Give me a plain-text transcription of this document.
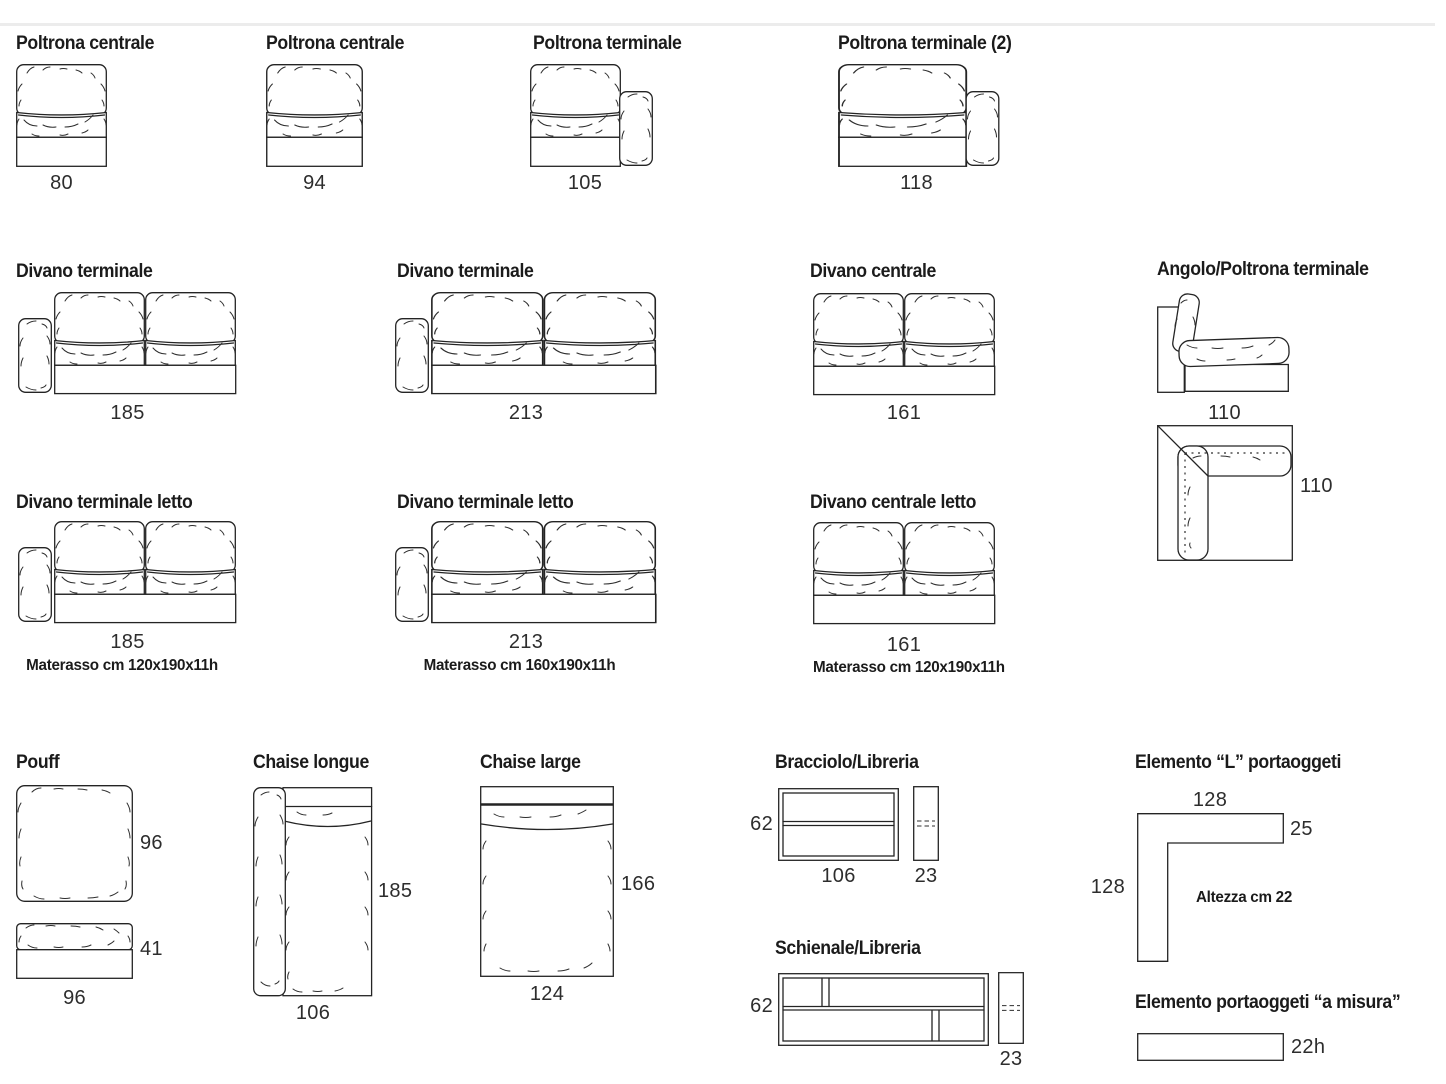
Poltrona centrale
80
Poltrona centrale
94
Poltrona terminale
105
Poltrona terminale (2)
118
Divano terminale
185
Divano terminale
213
Divano centrale
161
Angolo/Poltrona terminale
110
110
Divano terminale letto
185
Materasso cm 120x190x11h
Divano terminale letto
213
Materasso cm 160x190x11h
Divano centrale letto
161
Materasso cm 120x190x11h
Pouff
96
41
96
Chaise longue
185
106
Chaise large
166
124
Bracciolo/Libreria
62
106	23
Schienale/Libreria
62
23
Elemento “L” portaoggeti
128
25
128	Altezza cm 22
Elemento portaoggeti “a misura”
22h
